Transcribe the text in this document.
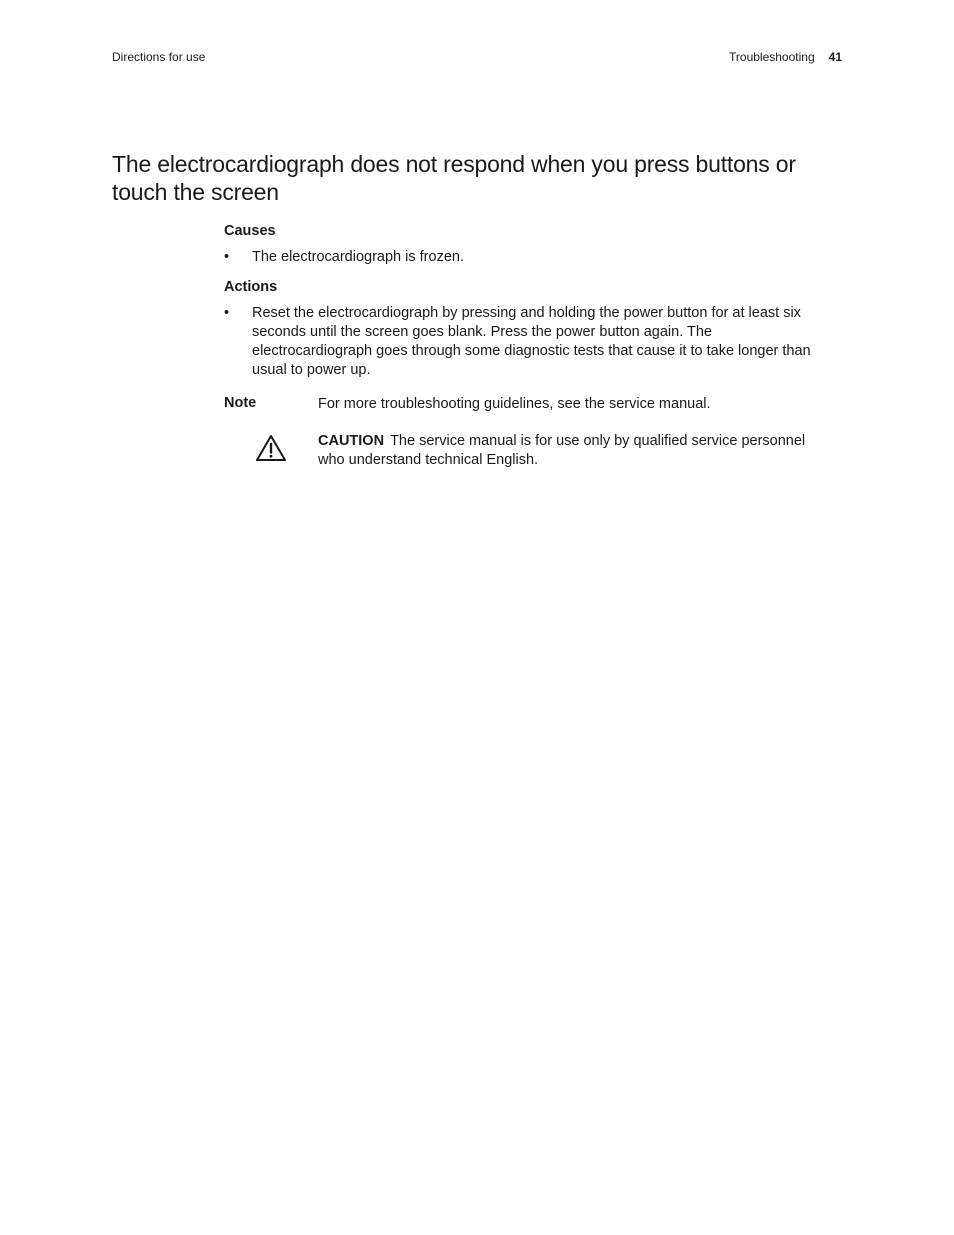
Directions for use	Troubleshooting 41
The electrocardiograph does not respond when you press buttons or touch the screen
Causes
•	The electrocardiograph is frozen.
Actions
•	Reset the electrocardiograph by pressing and holding the power button for at least six seconds until the screen goes blank. Press the power button again. The electrocardiograph goes through some diagnostic tests that cause it to take longer than usual to power up.
Note	For more troubleshooting guidelines, see the service manual.
CAUTION The service manual is for use only by qualified service personnel who understand technical English.
